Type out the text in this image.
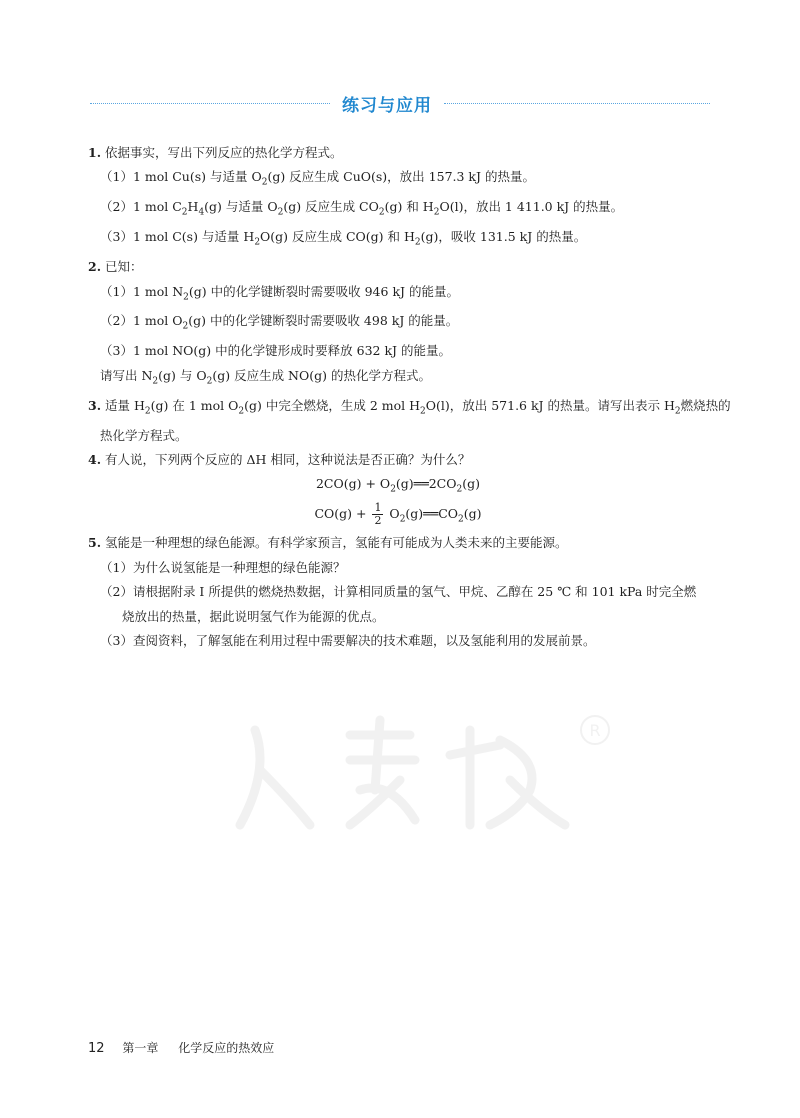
练习与应用
1. 依据事实，写出下列反应的热化学方程式。
（1）1 mol Cu(s) 与适量 $O_2(g)$ 反应生成 CuO(s)，放出 157.3 kJ 的热量。
（2）1 mol $C_2H_4(g)$ 与适量 $O_2(g)$ 反应生成 $CO_2(g)$ 和 $H_2O(l)$，放出 1 411.0 kJ 的热量。
（3）1 mol C(s) 与适量 $H_2O(g)$ 反应生成 CO(g) 和 $H_2(g)$，吸收 131.5 kJ 的热量。
2. 已知：
（1）1 mol $N_2(g)$ 中的化学键断裂时需要吸收 946 kJ 的能量。
（2）1 mol $O_2(g)$ 中的化学键断裂时需要吸收 498 kJ 的能量。
（3）1 mol NO(g) 中的化学键形成时要释放 632 kJ 的能量。
请写出 $N_2(g)$ 与 $O_2(g)$ 反应生成 NO(g) 的热化学方程式。
3. 适量 $H_2(g)$ 在 1 mol $O_2(g)$ 中完全燃烧，生成 2 mol $H_2O(l)$，放出 571.6 kJ 的热量。请写出表示 $H_2$燃烧热的
热化学方程式。
4. 有人说，下列两个反应的 ΔH 相同，这种说法是否正确？为什么？
$2CO(g) + O_2(g)══2CO_2(g)$
$CO(g) + \frac{1}{2}$ $O_2(g)══CO_2(g)$
5. 氢能是一种理想的绿色能源。有科学家预言，氢能有可能成为人类未来的主要能源。
（1）为什么说氢能是一种理想的绿色能源？
（2）请根据附录 I 所提供的燃烧热数据，计算相同质量的氢气、甲烷、乙醇在 25 ℃ 和 101 kPa 时完全燃
烧放出的热量，据此说明氢气作为能源的优点。
（3）查阅资料，了解氢能在利用过程中需要解决的技术难题，以及氢能利用的发展前景。
R
12 第一章 化学反应的热效应
